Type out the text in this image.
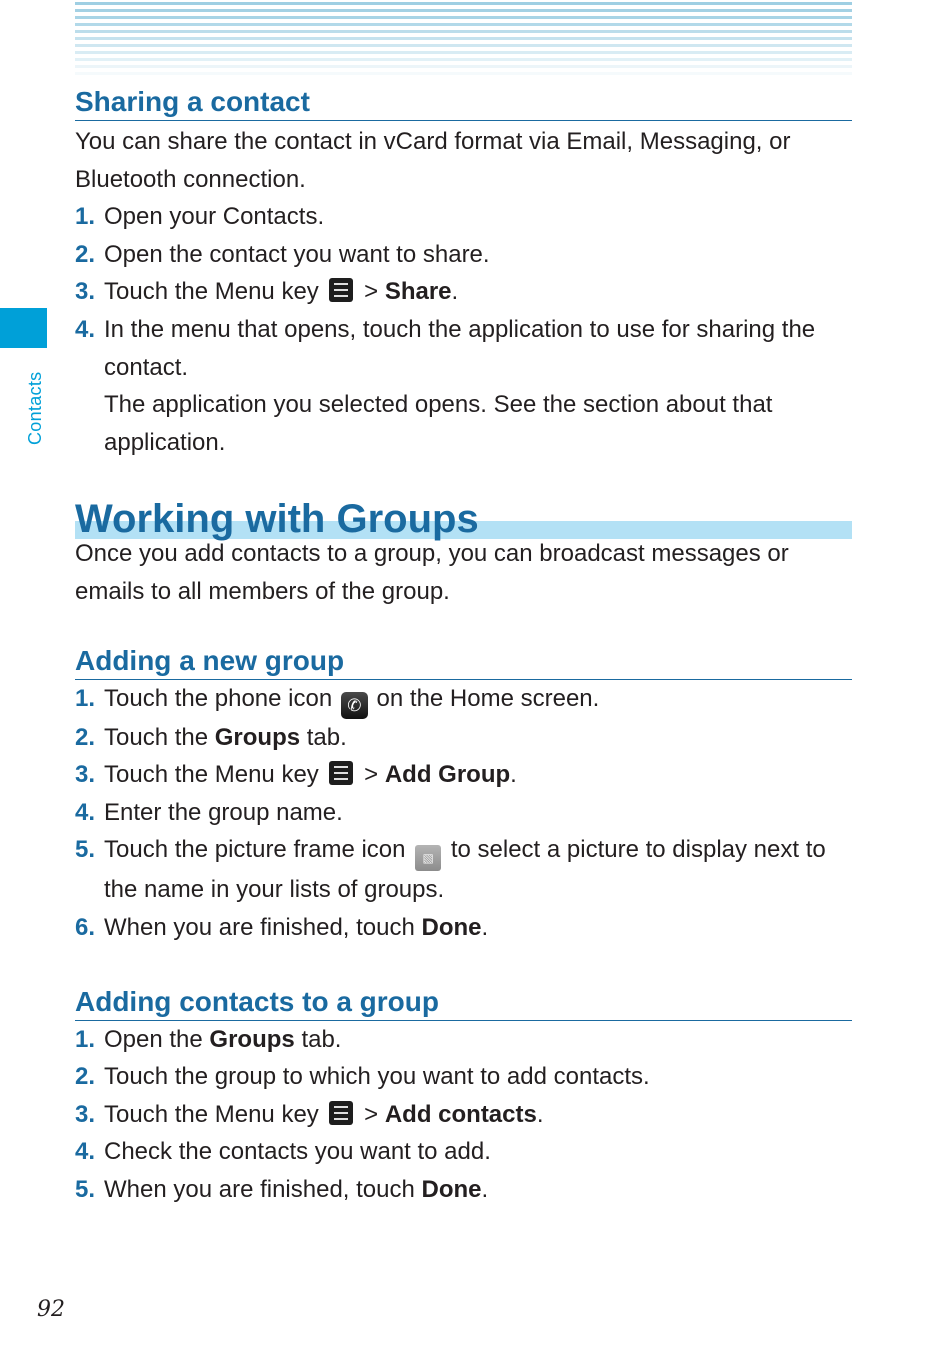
Contacts
Sharing a contact

You can share the contact in vCard format via Email, Messaging, or Bluetooth connection.

1. Open your Contacts.
2. Open the contact you want to share.
3. Touch the Menu key > Share.
4. In the menu that opens, touch the application to use for sharing the contact.
The application you selected opens. See the section about that application.
Working with Groups

Once you add contacts to a group, you can broadcast messages or emails to all members of the group.

Adding a new group
1. Touch the phone icon ✆ on the Home screen.
2. Touch the Groups tab.
3. Touch the Menu key > Add Group.
4. Enter the group name.
5. Touch the picture frame icon ▧ to select a picture to display next to the name in your lists of groups.
6. When you are finished, touch Done.
Adding contacts to a group
1. Open the Groups tab.
2. Touch the group to which you want to add contacts.
3. Touch the Menu key > Add contacts.
4. Check the contacts you want to add.
5. When you are finished, touch Done.
92
